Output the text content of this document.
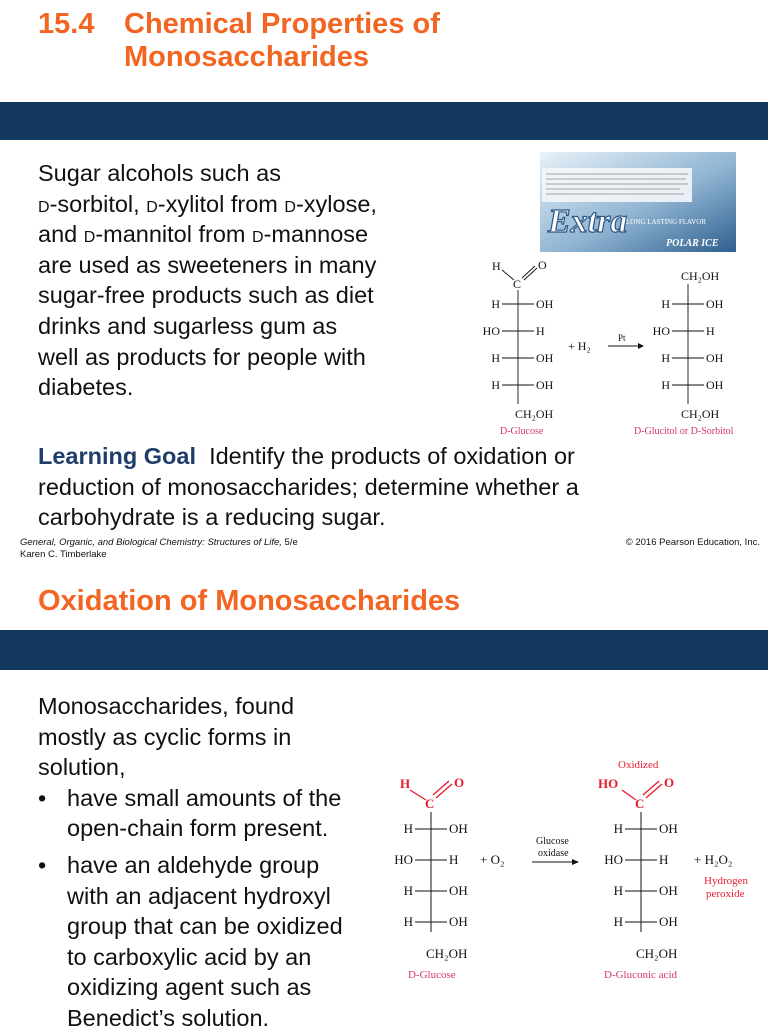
15.4	Chemical Properties of
Monosaccharides
Sugar alcohols such as
d-sorbitol, d-xylitol from d-xylose,
and d-mannitol from d-mannose
are used as sweeteners in many
sugar-free products such as diet
drinks and sugarless gum as
well as products for people with
diabetes.
Extra
LONG LASTING FLAVOR
POLAR ICE
H	O
C
H	OH
HO	H
H	OH
H	OH
CH₂OH
D-Glucose
+ H₂
Pt
CH₂OH
H	OH
HO	H
H	OH
H	OH
CH₂OH
D-Glucitol or D-Sorbitol
Learning Goal Identify the products of oxidation or
reduction of monosaccharides; determine whether a
carbohydrate is a reducing sugar.
General, Organic, and Biological Chemistry: Structures of Life, 5/e
Karen C. Timberlake
© 2016 Pearson Education, Inc.
Oxidation of Monosaccharides
Monosaccharides, found
mostly as cyclic forms in
solution,
• have small amounts of the
open-chain form present.
• have an aldehyde group
with an adjacent hydroxyl
group that can be oxidized
to carboxylic acid by an
oxidizing agent such as
Benedict’s solution.
H	O
C
H	OH
HO	H
H	OH
H	OH
CH₂OH
D-Glucose
+ O₂
Glucose
oxidase
Oxidized
HO	O
C
H	OH
HO	H
H	OH
H	OH
CH₂OH
D-Gluconic acid
+ H₂O₂
Hydrogen
peroxide
